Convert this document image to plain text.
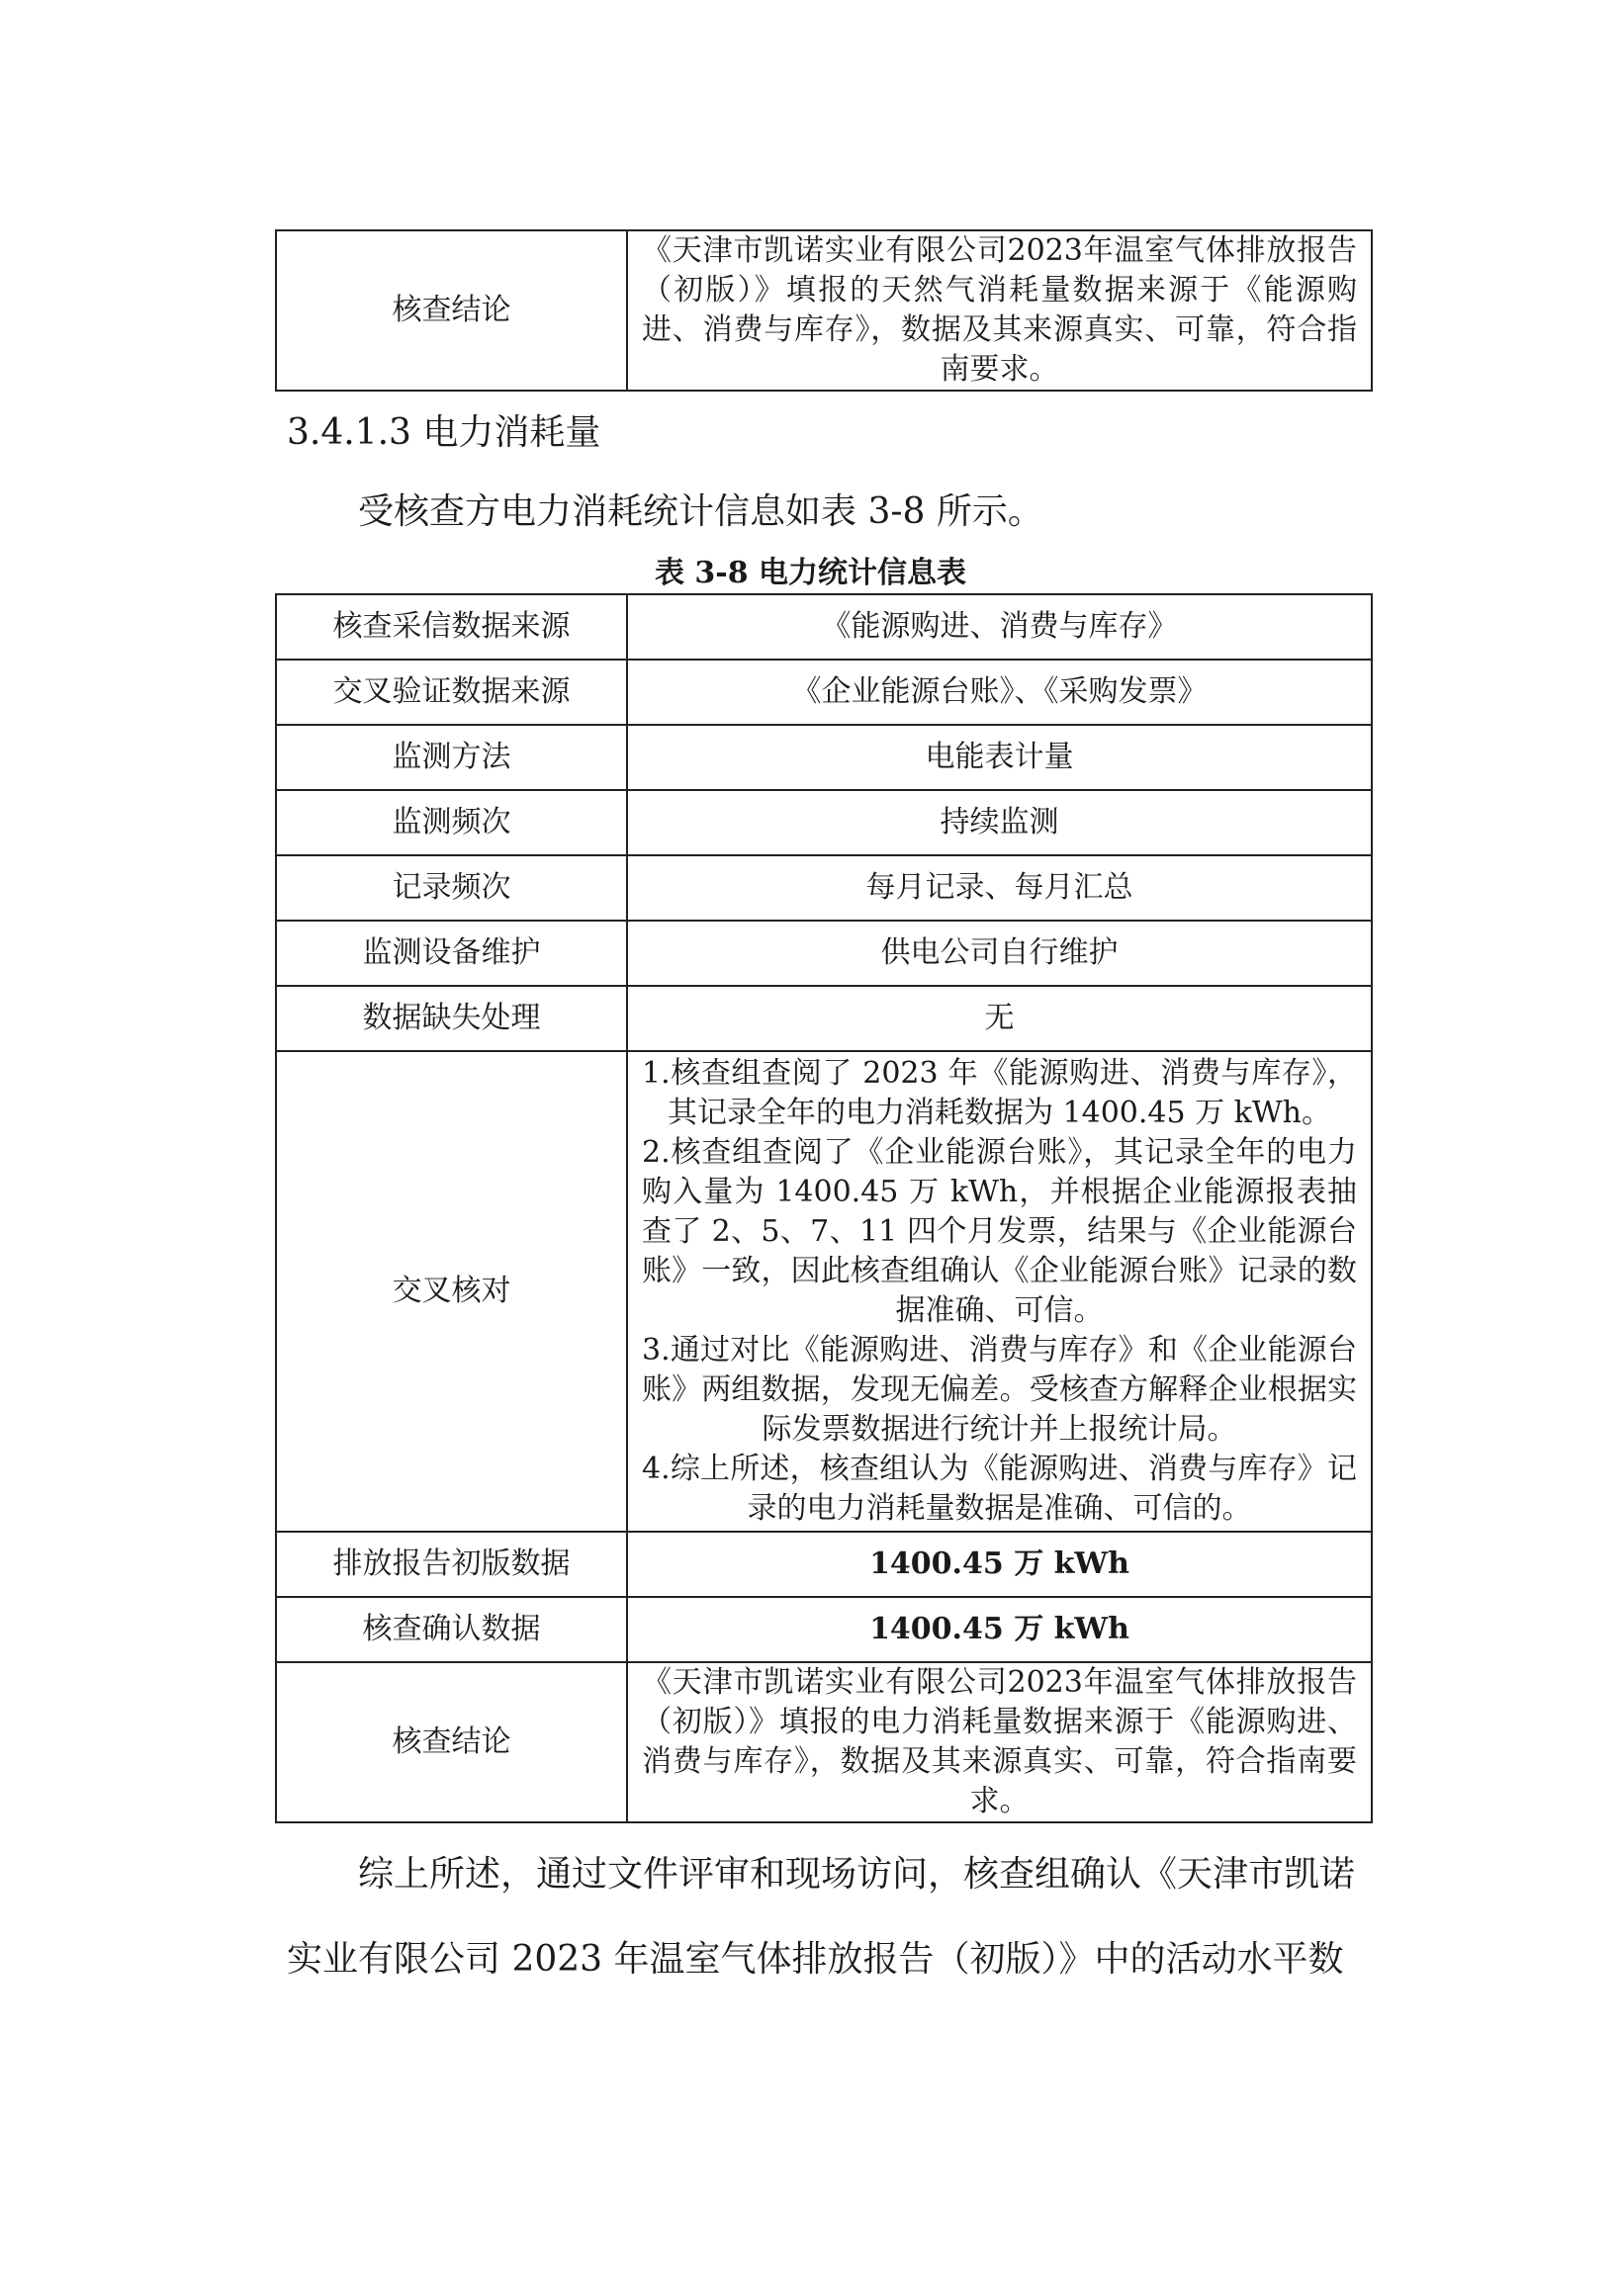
核查结论	《天津市凯诺实业有限公司2023年温室气体排放报告（初版）》填报的天然气消耗量数据来源于《能源购进、消费与库存》，数据及其来源真实、可靠，符合指南要求。
3.4.1.3 电力消耗量

受核查方电力消耗统计信息如表 3-8 所示。

表 3-8 电力统计信息表

核查采信数据来源	《能源购进、消费与库存》
交叉验证数据来源	《企业能源台账》、《采购发票》
监测方法	电能表计量
监测频次	持续监测
记录频次	每月记录、每月汇总
监测设备维护	供电公司自行维护
数据缺失处理	无
交叉核对	1.核查组查阅了 2023 年《能源购进、消费与库存》，其记录全年的电力消耗数据为 1400.45 万 kWh。
2.核查组查阅了《企业能源台账》，其记录全年的电力购入量为 1400.45 万 kWh，并根据企业能源报表抽查了 2、5、7、11 四个月发票，结果与《企业能源台账》一致，因此核查组确认《企业能源台账》记录的数据准确、可信。
3.通过对比《能源购进、消费与库存》和《企业能源台账》两组数据，发现无偏差。受核查方解释企业根据实际发票数据进行统计并上报统计局。
4.综上所述，核查组认为《能源购进、消费与库存》记录的电力消耗量数据是准确、可信的。

排放报告初版数据	1400.45 万 kWh
核查确认数据	1400.45 万 kWh
核查结论	《天津市凯诺实业有限公司2023年温室气体排放报告（初版）》填报的电力消耗量数据来源于《能源购进、消费与库存》，数据及其来源真实、可靠，符合指南要求。

综上所述，通过文件评审和现场访问，核查组确认《天津市凯诺

实业有限公司 2023 年温室气体排放报告（初版）》中的活动水平数
